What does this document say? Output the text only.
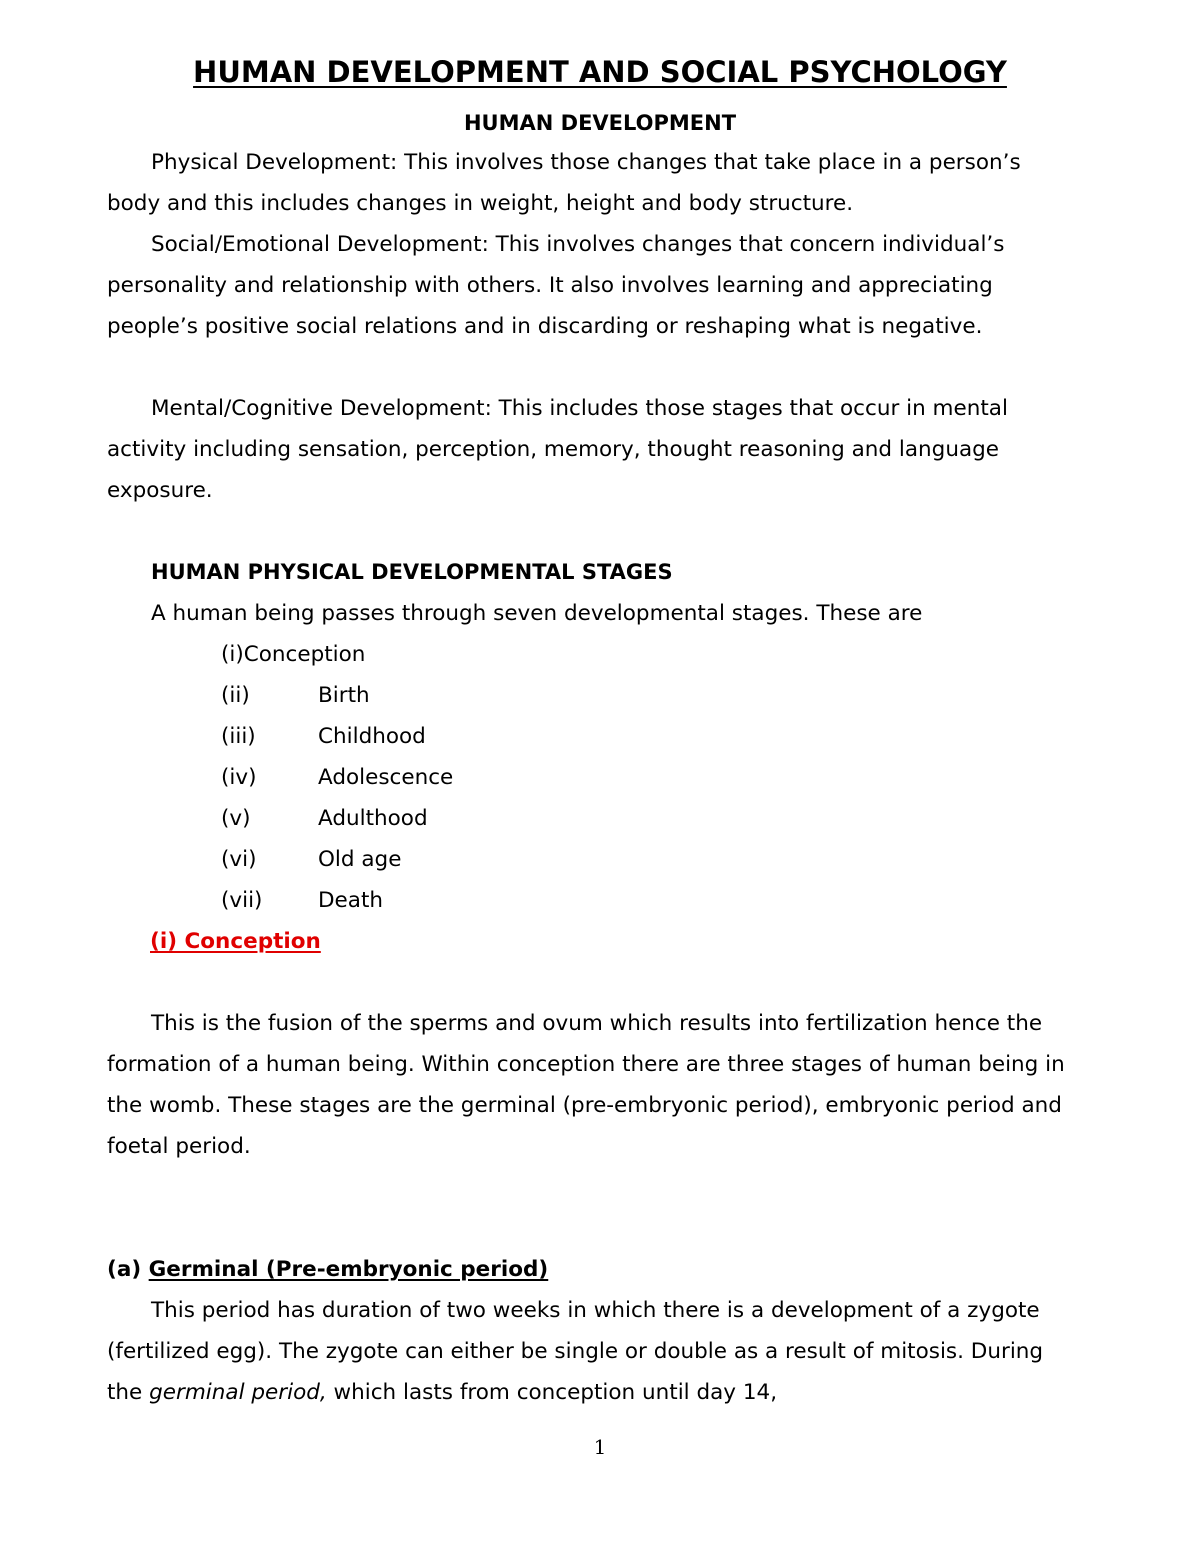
HUMAN DEVELOPMENT AND SOCIAL PSYCHOLOGY
HUMAN DEVELOPMENT

Physical Development: This involves those changes that take place in a person’s body and this includes changes in weight, height and body structure.

Social/Emotional Development: This involves changes that concern individual’s personality and relationship with others. It also involves learning and appreciating people’s positive social relations and in discarding or reshaping what is negative.

Mental/Cognitive Development: This includes those stages that occur in mental activity including sensation, perception, memory, thought reasoning and language exposure.

HUMAN PHYSICAL DEVELOPMENTAL STAGES

A human being passes through seven developmental stages. These are

(i)Conception
(ii)	Birth
(iii)	Childhood
(iv)	Adolescence
(v)	Adulthood
(vi)	Old age
(vii)	Death
(i) Conception

This is the fusion of the sperms and ovum which results into fertilization hence the formation of a human being. Within conception there are three stages of human being in the womb. These stages are the germinal (pre-embryonic period), embryonic period and foetal period.

(a) Germinal (Pre-embryonic period)

This period has duration of two weeks in which there is a development of a zygote (fertilized egg). The zygote can either be single or double as a result of mitosis. During the germinal period, which lasts from conception until day 14,

1
